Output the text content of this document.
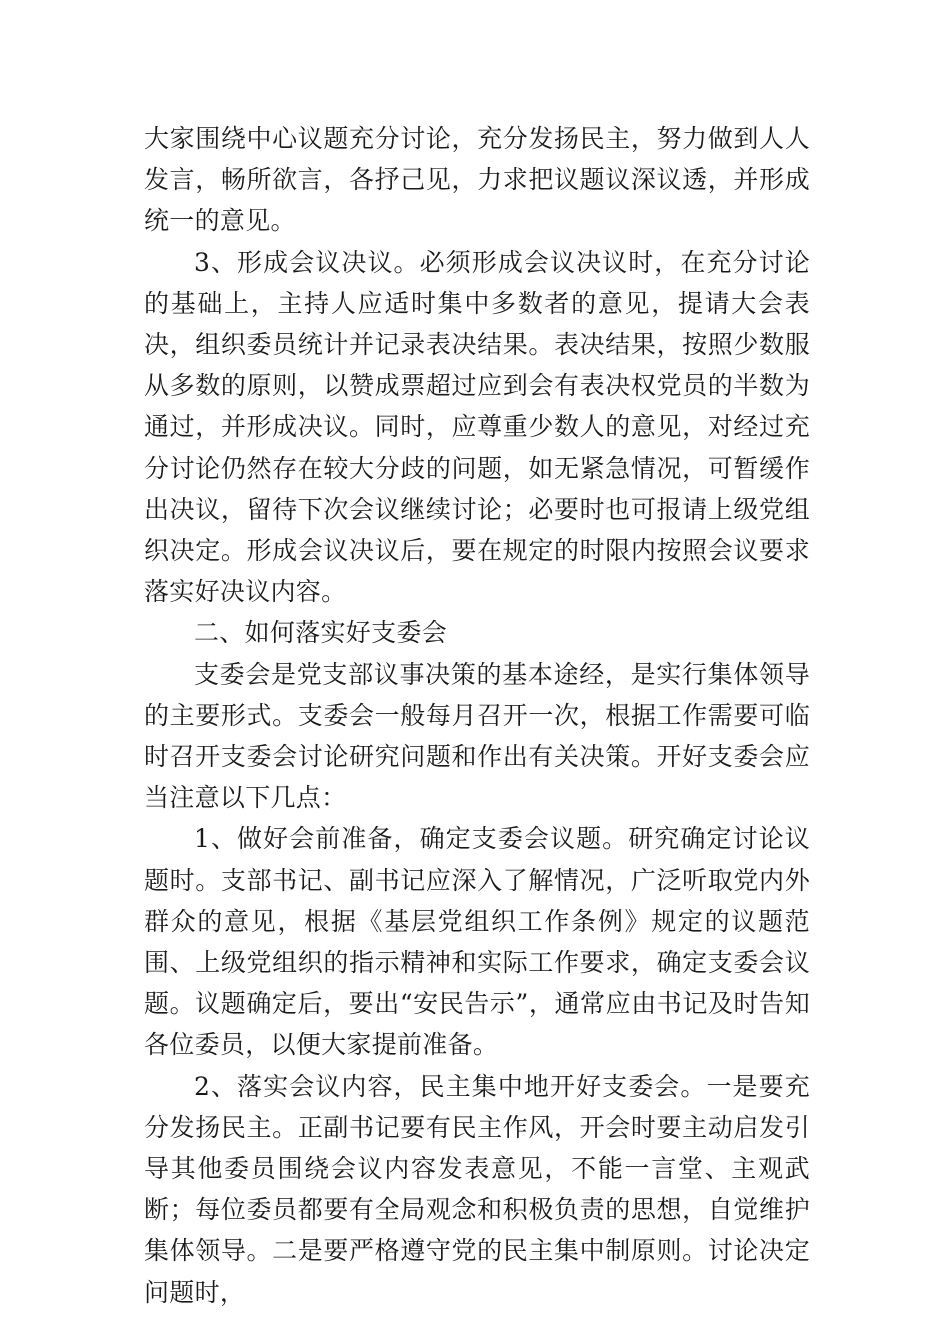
大家围绕中心议题充分讨论，充分发扬民主，努力做到人人发言，畅所欲言，各抒己见，力求把议题议深议透，并形成统一的意见。

3、形成会议决议。必须形成会议决议时，在充分讨论的基础上，主持人应适时集中多数者的意见，提请大会表决，组织委员统计并记录表决结果。表决结果，按照少数服从多数的原则，以赞成票超过应到会有表决权党员的半数为通过，并形成决议。同时，应尊重少数人的意见，对经过充分讨论仍然存在较大分歧的问题，如无紧急情况，可暂缓作出决议，留待下次会议继续讨论；必要时也可报请上级党组织决定。形成会议决议后，要在规定的时限内按照会议要求落实好决议内容。

二、如何落实好支委会

支委会是党支部议事决策的基本途经，是实行集体领导的主要形式。支委会一般每月召开一次，根据工作需要可临时召开支委会讨论研究问题和作出有关决策。开好支委会应当注意以下几点：

1、做好会前准备，确定支委会议题。研究确定讨论议题时。支部书记、副书记应深入了解情况，广泛听取党内外群众的意见，根据《基层党组织工作条例》规定的议题范围、上级党组织的指示精神和实际工作要求，确定支委会议题。议题确定后，要出“安民告示”，通常应由书记及时告知各位委员，以便大家提前准备。

2、落实会议内容，民主集中地开好支委会。一是要充分发扬民主。正副书记要有民主作风，开会时要主动启发引导其他委员围绕会议内容发表意见，不能一言堂、主观武断；每位委员都要有全局观念和积极负责的思想，自觉维护集体领导。二是要严格遵守党的民主集中制原则。讨论决定问题时，
